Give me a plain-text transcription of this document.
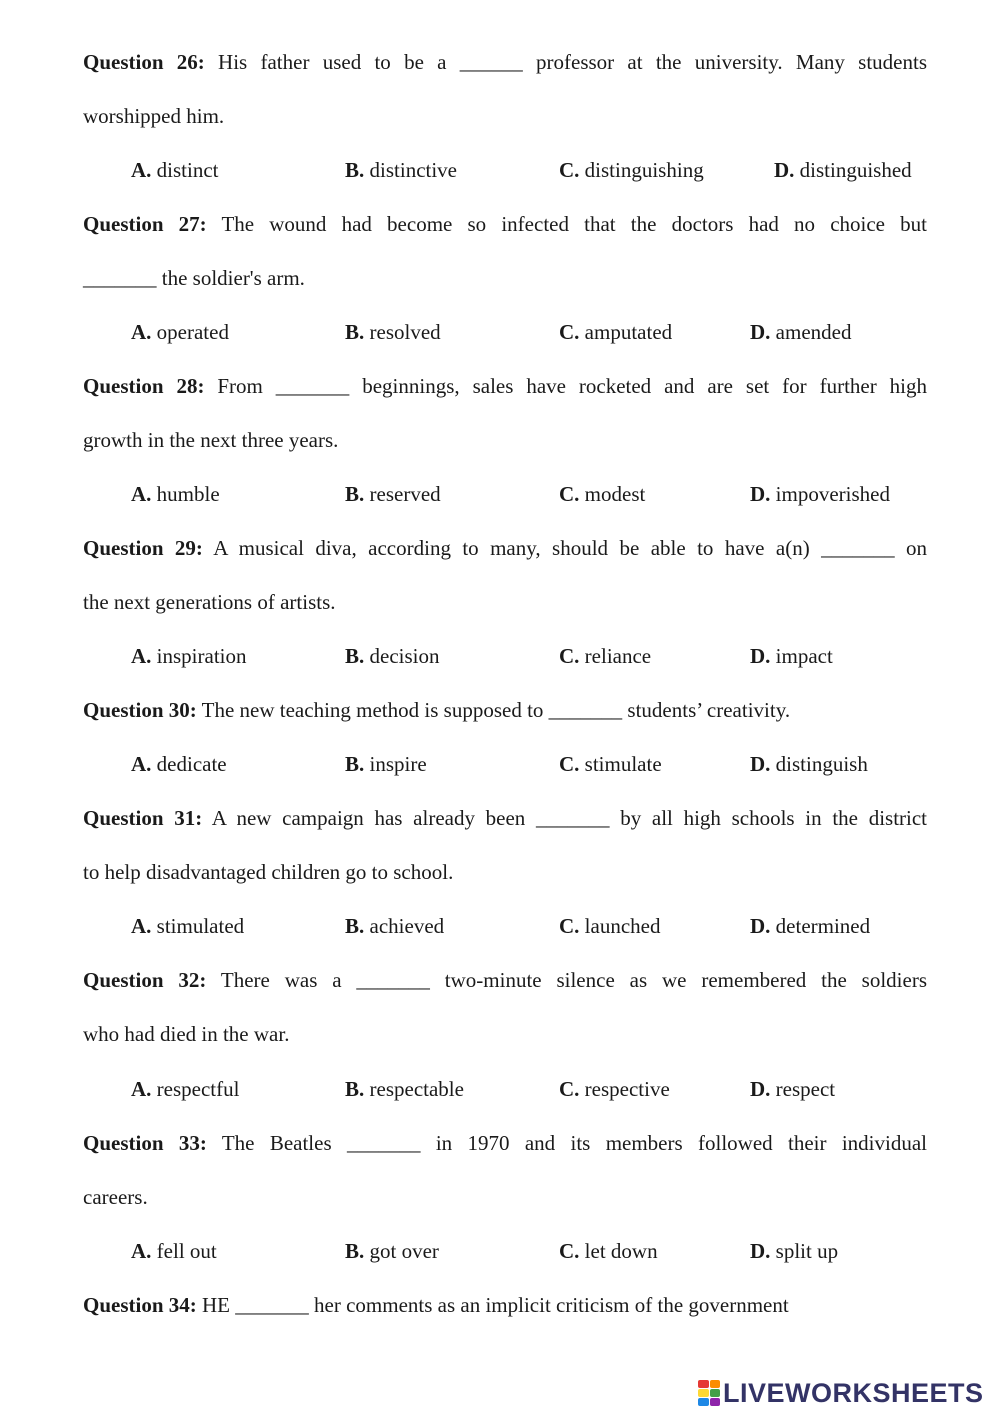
Question 26: His father used to be a ______ professor at the university. Many students
worshipped him.
A. distinct	B. distinctive	C. distinguishing	D. distinguished
Question 27: The wound had become so infected that the doctors had no choice but
_______ the soldier's arm.
A. operated	B. resolved	C. amputated	D. amended
Question 28: From _______ beginnings, sales have rocketed and are set for further high
growth in the next three years.
A. humble	B. reserved	C. modest	D. impoverished
Question 29: A musical diva, according to many, should be able to have a(n) _______ on
the next generations of artists.
A. inspiration	B. decision	C. reliance	D. impact
Question 30: The new teaching method is supposed to _______ students’ creativity.
A. dedicate	B. inspire	C. stimulate	D. distinguish
Question 31: A new campaign has already been _______ by all high schools in the district
to help disadvantaged children go to school.
A. stimulated	B. achieved	C. launched	D. determined
Question 32: There was a _______ two-minute silence as we remembered the soldiers
who had died in the war.
A. respectful	B. respectable	C. respective	D. respect
Question 33: The Beatles _______ in 1970 and its members followed their individual
careers.
A. fell out	B. got over	C. let down	D. split up
Question 34: HE _______ her comments as an implicit criticism of the government
LIVEWORKSHEETS
